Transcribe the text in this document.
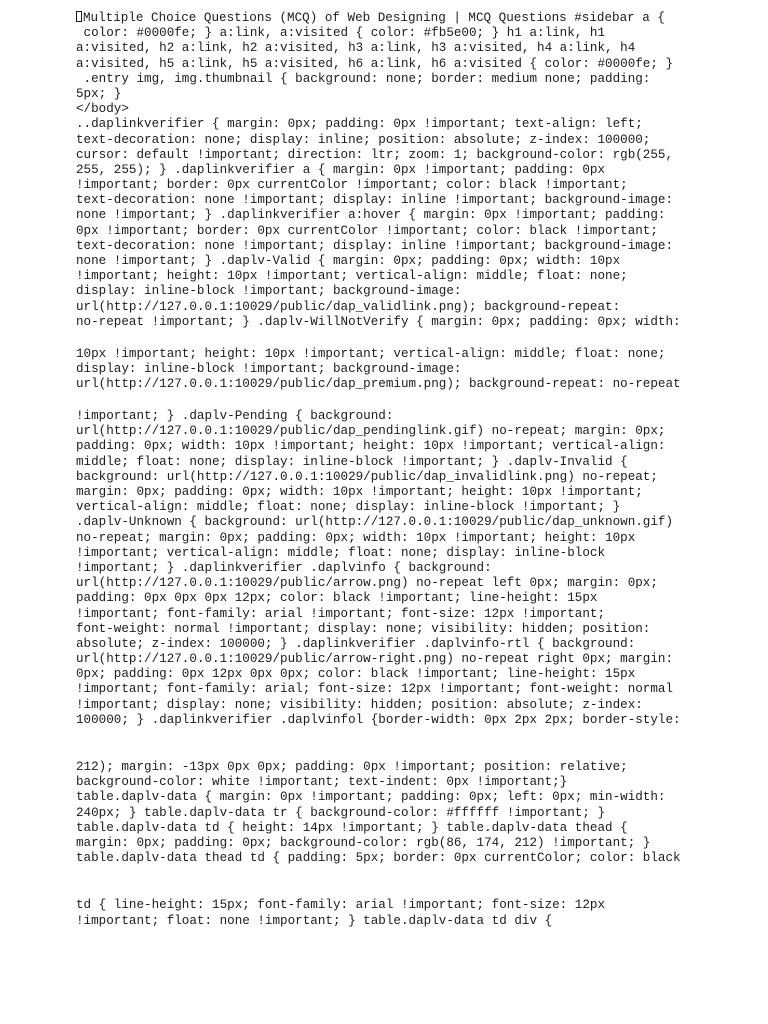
Multiple Choice Questions (MCQ) of Web Designing | MCQ Questions #sidebar a {
color: #0000fe; } a:link, a:visited { color: #fb5e00; } h1 a:link, h1
a:visited, h2 a:link, h2 a:visited, h3 a:link, h3 a:visited, h4 a:link, h4
a:visited, h5 a:link, h5 a:visited, h6 a:link, h6 a:visited { color: #0000fe; }
.entry img, img.thumbnail { background: none; border: medium none; padding:
5px; }
</body>
..daplinkverifier { margin: 0px; padding: 0px !important; text-align: left;
text-decoration: none; display: inline; position: absolute; z-index: 100000;
cursor: default !important; direction: ltr; zoom: 1; background-color: rgb(255,
255, 255); } .daplinkverifier a { margin: 0px !important; padding: 0px
!important; border: 0px currentColor !important; color: black !important;
text-decoration: none !important; display: inline !important; background-image:
none !important; } .daplinkverifier a:hover { margin: 0px !important; padding:
0px !important; border: 0px currentColor !important; color: black !important;
text-decoration: none !important; display: inline !important; background-image:
none !important; } .daplv-Valid { margin: 0px; padding: 0px; width: 10px
!important; height: 10px !important; vertical-align: middle; float: none;
display: inline-block !important; background-image:
url(http://127.0.0.1:10029/public/dap_validlink.png); background-repeat:
no-repeat !important; } .daplv-WillNotVerify { margin: 0px; padding: 0px; width:
10px !important; height: 10px !important; vertical-align: middle; float: none;
display: inline-block !important; background-image:
url(http://127.0.0.1:10029/public/dap_premium.png); background-repeat: no-repeat
!important; } .daplv-Pending { background:
url(http://127.0.0.1:10029/public/dap_pendinglink.gif) no-repeat; margin: 0px;
padding: 0px; width: 10px !important; height: 10px !important; vertical-align:
middle; float: none; display: inline-block !important; } .daplv-Invalid {
background: url(http://127.0.0.1:10029/public/dap_invalidlink.png) no-repeat;
margin: 0px; padding: 0px; width: 10px !important; height: 10px !important;
vertical-align: middle; float: none; display: inline-block !important; }
.daplv-Unknown { background: url(http://127.0.0.1:10029/public/dap_unknown.gif)
no-repeat; margin: 0px; padding: 0px; width: 10px !important; height: 10px
!important; vertical-align: middle; float: none; display: inline-block
!important; } .daplinkverifier .daplvinfo { background:
url(http://127.0.0.1:10029/public/arrow.png) no-repeat left 0px; margin: 0px;
padding: 0px 0px 0px 12px; color: black !important; line-height: 15px
!important; font-family: arial !important; font-size: 12px !important;
font-weight: normal !important; display: none; visibility: hidden; position:
absolute; z-index: 100000; } .daplinkverifier .daplvinfo-rtl { background:
url(http://127.0.0.1:10029/public/arrow-right.png) no-repeat right 0px; margin:
0px; padding: 0px 12px 0px 0px; color: black !important; line-height: 15px
!important; font-family: arial; font-size: 12px !important; font-weight: normal
!important; display: none; visibility: hidden; position: absolute; z-index:
100000; } .daplinkverifier .daplvinfol {border-width: 0px 2px 2px; border-style:
212); margin: -13px 0px 0px; padding: 0px !important; position: relative;
background-color: white !important; text-indent: 0px !important;}
table.daplv-data { margin: 0px !important; padding: 0px; left: 0px; min-width:
240px; } table.daplv-data tr { background-color: #ffffff !important; }
table.daplv-data td { height: 14px !important; } table.daplv-data thead {
margin: 0px; padding: 0px; background-color: rgb(86, 174, 212) !important; }
table.daplv-data thead td { padding: 5px; border: 0px currentColor; color: black
td { line-height: 15px; font-family: arial !important; font-size: 12px
!important; float: none !important; } table.daplv-data td div {
